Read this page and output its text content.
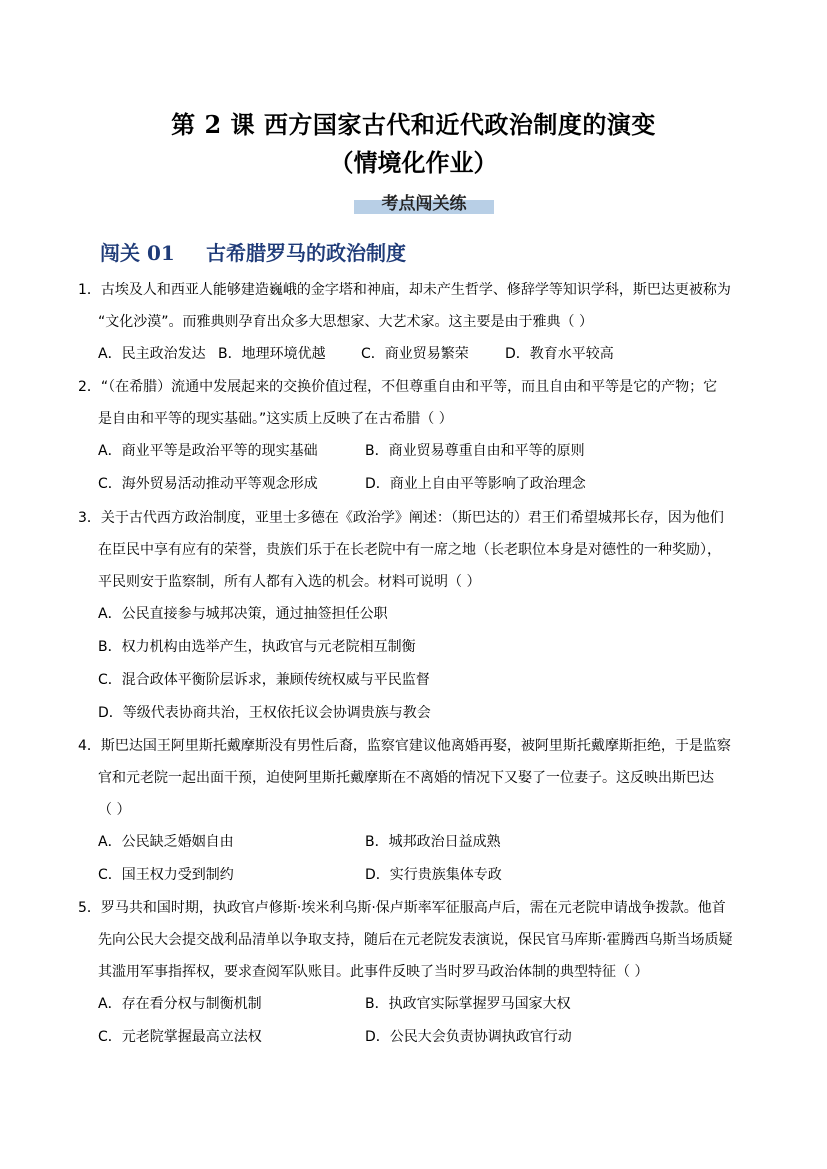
第 2 课 西方国家古代和近代政治制度的演变
（情境化作业）
考点闯关练
闯关 01 古希腊罗马的政治制度
1．古埃及人和西亚人能够建造巍峨的金字塔和神庙，却未产生哲学、修辞学等知识学科，斯巴达更被称为
“文化沙漠”。而雅典则孕育出众多大思想家、大艺术家。这主要是由于雅典（ ）
A．民主政治发达 B．地理环境优越	C．商业贸易繁荣	D．教育水平较高
2．“（在希腊）流通中发展起来的交换价值过程，不但尊重自由和平等，而且自由和平等是它的产物；它
是自由和平等的现实基础。”这实质上反映了在古希腊（ ）
A．商业平等是政治平等的现实基础	B．商业贸易尊重自由和平等的原则
C．海外贸易活动推动平等观念形成	D．商业上自由平等影响了政治理念
3．关于古代西方政治制度，亚里士多德在《政治学》阐述：（斯巴达的）君王们希望城邦长存，因为他们
在臣民中享有应有的荣誉，贵族们乐于在长老院中有一席之地（长老职位本身是对德性的一种奖励），
平民则安于监察制，所有人都有入选的机会。材料可说明（ ）
A．公民直接参与城邦决策，通过抽签担任公职
B．权力机构由选举产生，执政官与元老院相互制衡
C．混合政体平衡阶层诉求，兼顾传统权威与平民监督
D．等级代表协商共治，王权依托议会协调贵族与教会
4．斯巴达国王阿里斯托戴摩斯没有男性后裔，监察官建议他离婚再娶，被阿里斯托戴摩斯拒绝，于是监察
官和元老院一起出面干预，迫使阿里斯托戴摩斯在不离婚的情况下又娶了一位妻子。这反映出斯巴达
（ ）
A．公民缺乏婚姻自由	B．城邦政治日益成熟
C．国王权力受到制约	D．实行贵族集体专政
5．罗马共和国时期，执政官卢修斯·埃米利乌斯·保卢斯率军征服高卢后，需在元老院申请战争拨款。他首
先向公民大会提交战利品清单以争取支持，随后在元老院发表演说，保民官马库斯·霍腾西乌斯当场质疑
其滥用军事指挥权，要求查阅军队账目。此事件反映了当时罗马政治体制的典型特征（ ）
A．存在看分权与制衡机制	B．执政官实际掌握罗马国家大权
C．元老院掌握最高立法权	D．公民大会负责协调执政官行动
